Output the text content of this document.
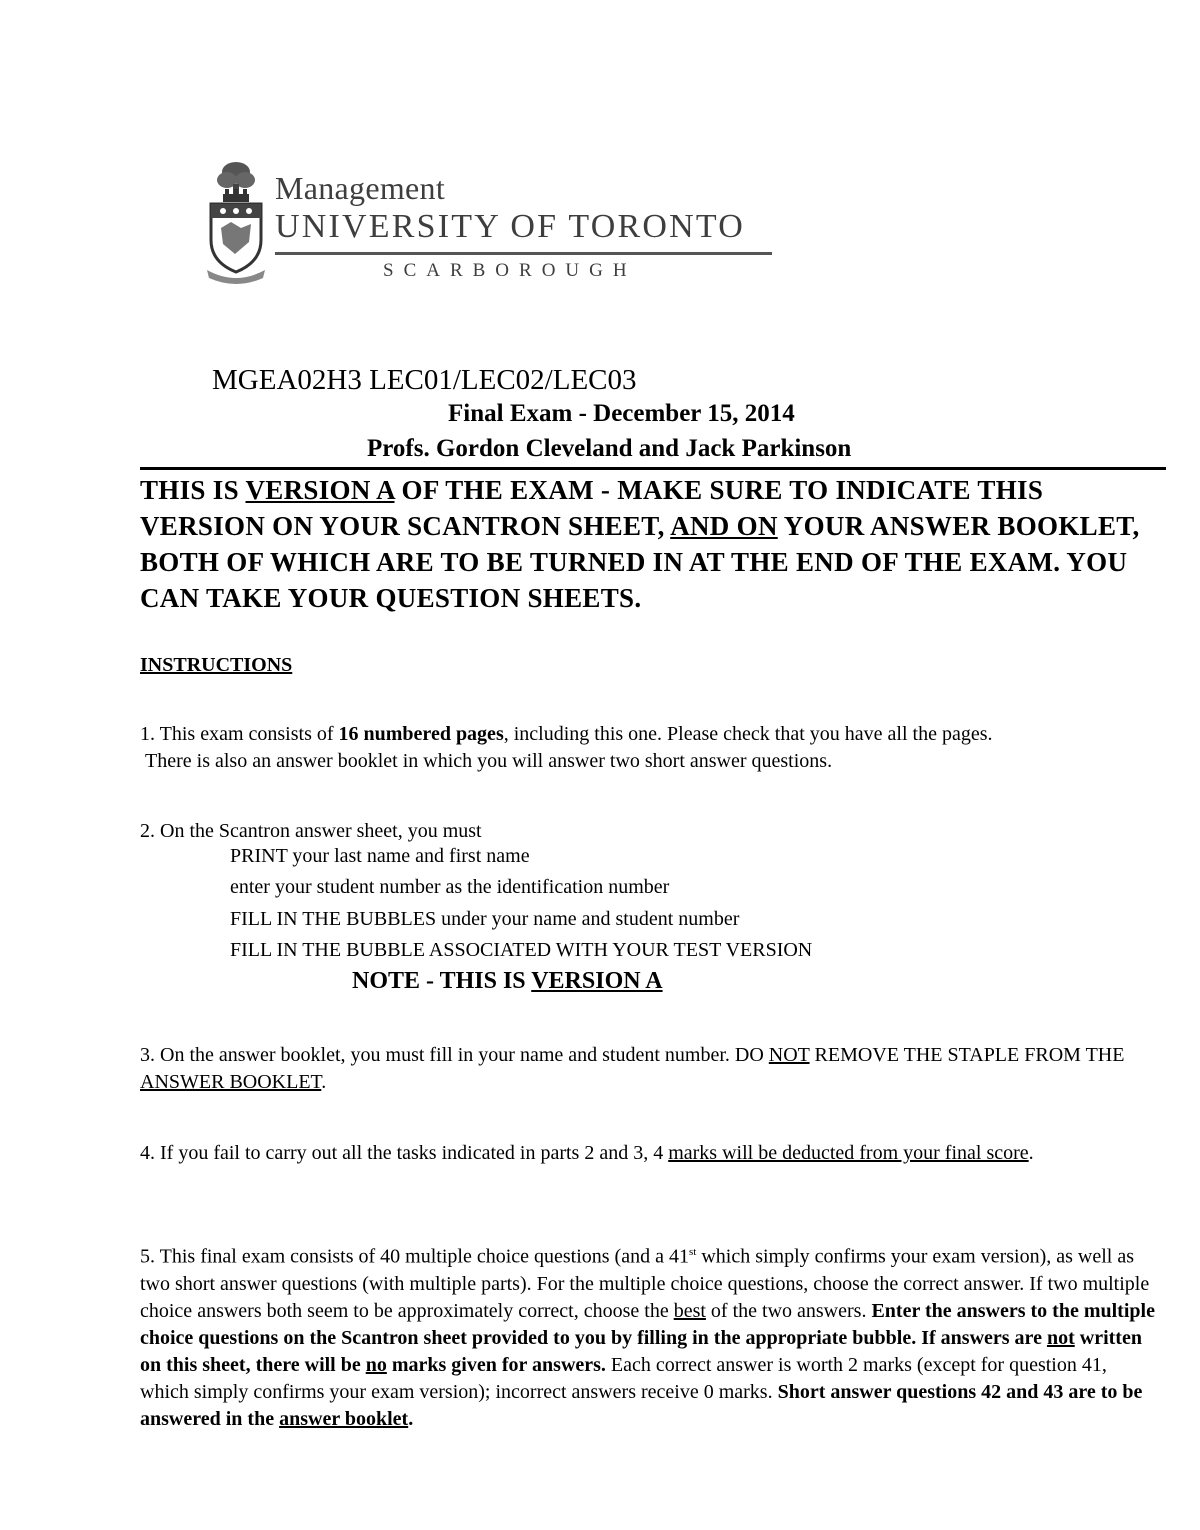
Management
UNIVERSITY OF TORONTO
SCARBOROUGH
MGEA02H3 LEC01/LEC02/LEC03
Final Exam - December 15, 2014
Profs. Gordon Cleveland and Jack Parkinson
THIS IS VERSION A OF THE EXAM - MAKE SURE TO INDICATE THIS VERSION ON YOUR SCANTRON SHEET, AND ON YOUR ANSWER BOOKLET, BOTH OF WHICH ARE TO BE TURNED IN AT THE END OF THE EXAM. YOU CAN TAKE YOUR QUESTION SHEETS.
INSTRUCTIONS
1. This exam consists of 16 numbered pages, including this one. Please check that you have all the pages.
There is also an answer booklet in which you will answer two short answer questions.
2. On the Scantron answer sheet, you must
PRINT your last name and first name
enter your student number as the identification number
FILL IN THE BUBBLES under your name and student number
FILL IN THE BUBBLE ASSOCIATED WITH YOUR TEST VERSION
NOTE - THIS IS VERSION A
3. On the answer booklet, you must fill in your name and student number. DO NOT REMOVE THE STAPLE FROM THE ANSWER BOOKLET.
4. If you fail to carry out all the tasks indicated in parts 2 and 3, 4 marks will be deducted from your final score.
5. This final exam consists of 40 multiple choice questions (and a 41st which simply confirms your exam version), as well as two short answer questions (with multiple parts). For the multiple choice questions, choose the correct answer. If two multiple choice answers both seem to be approximately correct, choose the best of the two answers. Enter the answers to the multiple choice questions on the Scantron sheet provided to you by filling in the appropriate bubble. If answers are not written on this sheet, there will be no marks given for answers. Each correct answer is worth 2 marks (except for question 41, which simply confirms your exam version); incorrect answers receive 0 marks. Short answer questions 42 and 43 are to be answered in the answer booklet.
